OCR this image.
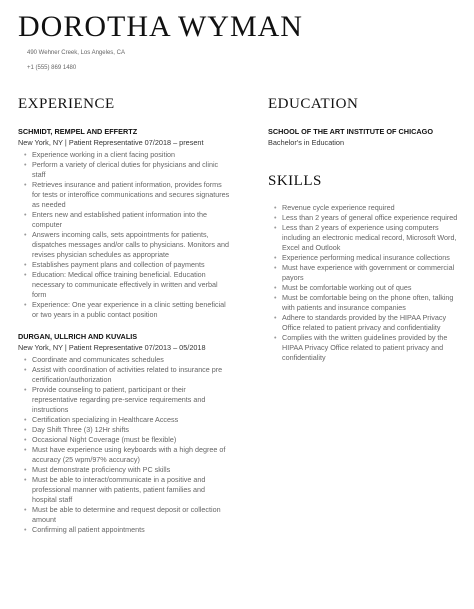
DOROTHA WYMAN
490 Wehner Creek, Los Angeles, CA
+1 (555) 869 1480
EXPERIENCE
SCHMIDT, REMPEL AND EFFERTZ
New York, NY | Patient Representative 07/2018 – present
• Experience working in a client facing position
• Perform a variety of clerical duties for physicians and clinic staff
• Retrieves insurance and patient information, provides forms for tests or interoffice communications and secures signatures as needed
• Enters new and established patient information into the computer
• Answers incoming calls, sets appointments for patients, dispatches messages and/or calls to physicians. Monitors and revises physician schedules as appropriate
• Establishes payment plans and collection of payments
• Education: Medical office training beneficial. Education necessary to communicate effectively in written and verbal form
• Experience: One year experience in a clinic setting beneficial or two years in a public contact position
DURGAN, ULLRICH AND KUVALIS
New York, NY | Patient Representative 07/2013 – 05/2018
• Coordinate and communicates schedules
• Assist with coordination of activities related to insurance pre certification/authorization
• Provide counseling to patient, participant or their representative regarding pre-service requirements and instructions
• Certification specializing in Healthcare Access
• Day Shift Three (3) 12Hr shifts
• Occasional Night Coverage (must be flexible)
• Must have experience using keyboards with a high degree of accuracy (25 wpm/97% accuracy)
• Must demonstrate proficiency with PC skills
• Must be able to interact/communicate in a positive and professional manner with patients, patient families and hospital staff
• Must be able to determine and request deposit or collection amount
• Confirming all patient appointments
EDUCATION
SCHOOL OF THE ART INSTITUTE OF CHICAGO
Bachelor's in Education
SKILLS
• Revenue cycle experience required
• Less than 2 years of general office experience required
• Less than 2 years of experience using computers including an electronic medical record, Microsoft Word, Excel and Outlook
• Experience performing medical insurance collections
• Must have experience with government or commercial payors
• Must be comfortable working out of ques
• Must be comfortable being on the phone often, talking with patients and insurance companies
• Adhere to standards provided by the HIPAA Privacy Office related to patient privacy and confidentiality
• Complies with the written guidelines provided by the HIPAA Privacy Office related to patient privacy and confidentiality
